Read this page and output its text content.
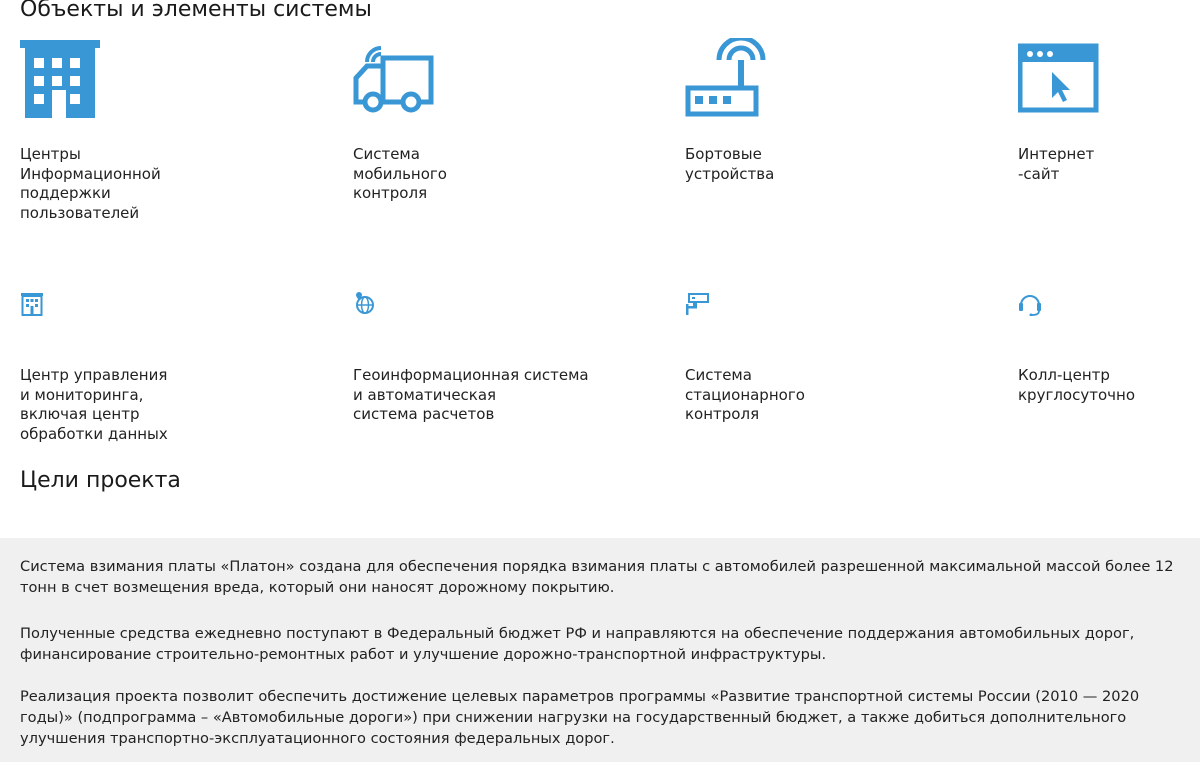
Объекты и элементы системы

Центры
Информационной
поддержки
пользователей

Система
мобильного
контроля

Бортовые
устройства

Интернет
-сайт

Центр управления
и мониторинга,
включая центр
обработки данных

Геоинформационная система
и автоматическая
система расчетов

Система
стационарного
контроля

Колл-центр
круглосуточно

Цели проекта

Система взимания платы «Платон» создана для обеспечения порядка взимания платы с автомобилей разрешенной максимальной массой более 12 тонн в счет возмещения вреда, который они наносят дорожному покрытию.

Полученные средства ежедневно поступают в Федеральный бюджет РФ и направляются на обеспечение поддержания автомобильных дорог, финансирование строительно-ремонтных работ и улучшение дорожно-транспортной инфраструктуры.

Реализация проекта позволит обеспечить достижение целевых параметров программы «Развитие транспортной системы России (2010 — 2020 годы)» (подпрограмма – «Автомобильные дороги») при снижении нагрузки на государственный бюджет, а также добиться дополнительного улучшения транспортно-эксплуатационного состояния федеральных дорог.
